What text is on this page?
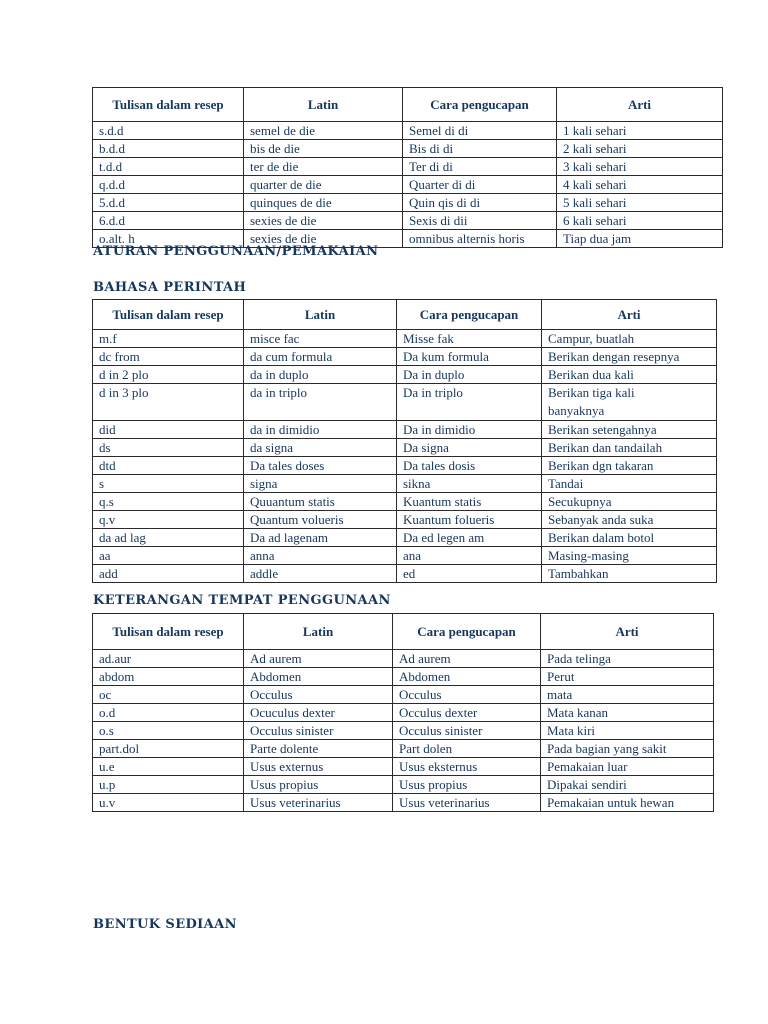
Tulisan dalam resep	Latin	Cara pengucapan	Arti
s.d.d	semel de die	Semel di di	1 kali sehari
b.d.d	bis de die	Bis di di	2 kali sehari
t.d.d	ter de die	Ter di di	3 kali sehari
q.d.d	quarter de die	Quarter di di	4 kali sehari
5.d.d	quinques de die	Quin qis di di	5 kali sehari
6.d.d	sexies de die	Sexis di dii	6 kali sehari
o.alt. h	sexies de die	omnibus alternis horis	Tiap dua jam
ATURAN PENGGUNAAN/PEMAKAIAN
BAHASA PERINTAH
Tulisan dalam resep	Latin	Cara pengucapan	Arti
m.f	misce fac	Misse fak	Campur, buatlah
dc from	da cum formula	Da kum formula	Berikan dengan resepnya
d in 2 plo	da in duplo	Da in duplo	Berikan dua kali
d in 3 plo	da in triplo	Da in triplo	Berikan tiga kali banyaknya
did	da in dimidio	Da in dimidio	Berikan setengahnya
ds	da signa	Da signa	Berikan dan tandailah
dtd	Da tales doses	Da tales dosis	Berikan dgn takaran
s	signa	sikna	Tandai
q.s	Quuantum statis	Kuantum statis	Secukupnya
q.v	Quantum volueris	Kuantum folueris	Sebanyak anda suka
da ad lag	Da ad lagenam	Da ed legen am	Berikan dalam botol
aa	anna	ana	Masing-masing
add	addle	ed	Tambahkan
KETERANGAN TEMPAT PENGGUNAAN
Tulisan dalam resep	Latin	Cara pengucapan	Arti
ad.aur	Ad aurem	Ad aurem	Pada telinga
abdom	Abdomen	Abdomen	Perut
oc	Occulus	Occulus	mata
o.d	Ocuculus dexter	Occulus dexter	Mata kanan
o.s	Occulus sinister	Occulus sinister	Mata kiri
part.dol	Parte dolente	Part dolen	Pada bagian yang sakit
u.e	Usus externus	Usus eksternus	Pemakaian luar
u.p	Usus propius	Usus propius	Dipakai sendiri
u.v	Usus veterinarius	Usus veterinarius	Pemakaian untuk hewan
BENTUK SEDIAAN
